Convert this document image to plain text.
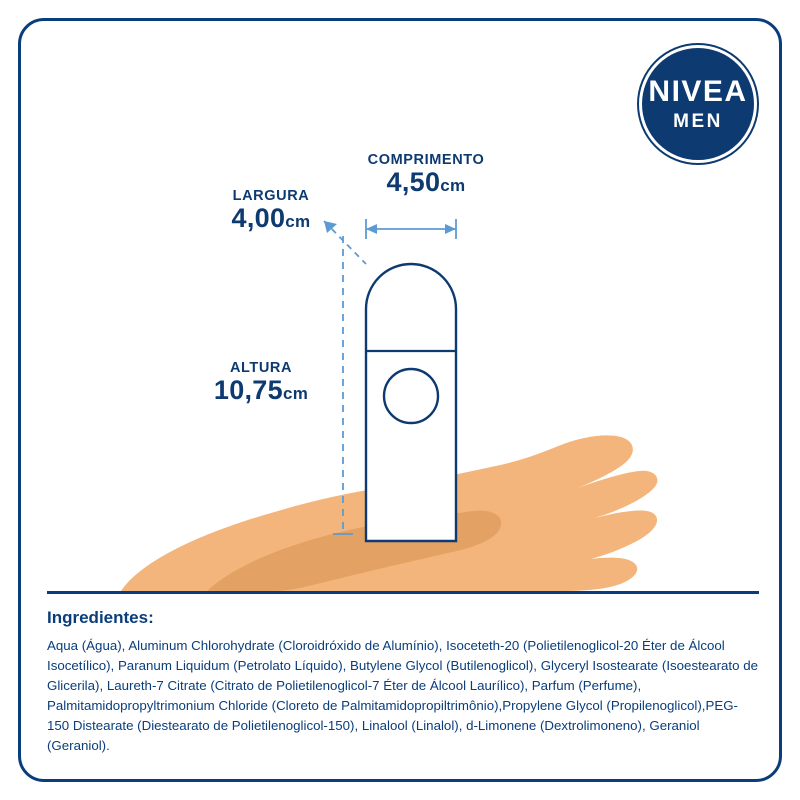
NIVEA
MEN
COMPRIMENTO
4,50cm
LARGURA
4,00cm
ALTURA
10,75cm
Ingredientes:
Aqua (Água), Aluminum Chlorohydrate (Cloroidróxido de Alumínio), Isoceteth-20 (Polietilenoglicol-20 Éter de Álcool Isocetílico), Paranum Liquidum (Petrolato Líquido), Butylene Glycol (Butilenoglicol), Glyceryl Isostearate (Isoestearato de Glicerila), Laureth-7 Citrate (Citrato de Polietilenoglicol-7 Éter de Álcool Laurílico), Parfum (Perfume), Palmitamidopropyltrimonium Chloride (Cloreto de Palmitamidopropiltrimônio),Propylene Glycol (Propilenoglicol),PEG-150 Distearate (Diestearato de Polietilenoglicol-150), Linalool (Linalol), d-Limonene (Dextrolimoneno), Geraniol (Geraniol).
